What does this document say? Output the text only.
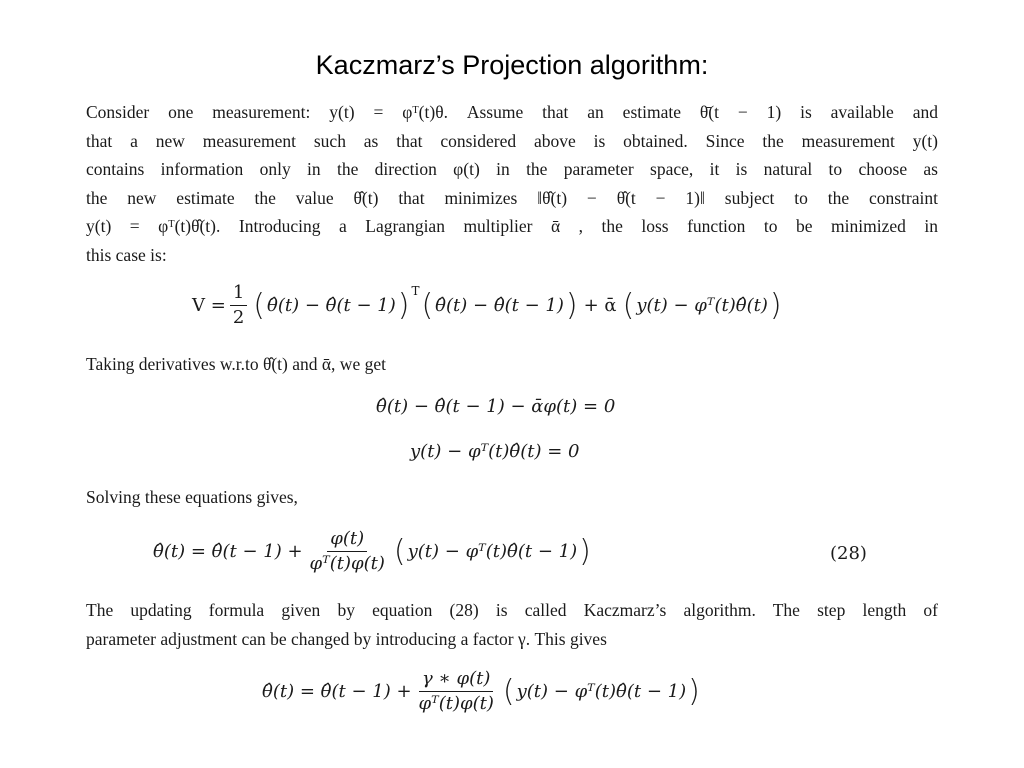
Kaczmarz’s Projection algorithm:
Consider one measurement: y(t) = φᵀ(t)θ. Assume that an estimate θ̄(t − 1) is available and
that a new measurement such as that considered above is obtained. Since the measurement y(t)
contains information only in the direction φ(t) in the parameter space, it is natural to choose as
the new estimate the value θ̂(t) that minimizes ‖θ̂(t) − θ̂(t − 1)‖ subject to the constraint
y(t) = φᵀ(t)θ̂(t). Introducing a Lagrangian multiplier ᾱ , the loss function to be minimized in
this case is:
$V = \frac{1}{2}$ ( θ̂(t) − θ̂(t − 1) )$^T$ ( θ̂(t) − θ̂(t − 1) ) + ᾱ ( y(t) − φᵀ(t)θ̂(t) )
Taking derivatives w.r.to θ̂(t) and ᾱ, we get
θ̂(t) − θ̂(t − 1) − ᾱφ(t) = 0
y(t) − φᵀ(t)θ̂(t) = 0
Solving these equations gives,
θ̂(t) = θ̂(t − $1) + \frac{\varphi(t)}{\text{φᵀ(t)φ(t)}}$ ( y(t) − φᵀ(t)θ̂(t − 1) )	(28)
The updating formula given by equation (28) is called Kaczmarz’s algorithm. The step length of
parameter adjustment can be changed by introducing a factor γ. This gives
θ̂(t) = θ̂(t − $1) + \frac{\gamma ∗ \varphi(t)}{\text{φᵀ(t)φ(t)}}$ ( y(t) − φᵀ(t)θ̂(t − 1) )
